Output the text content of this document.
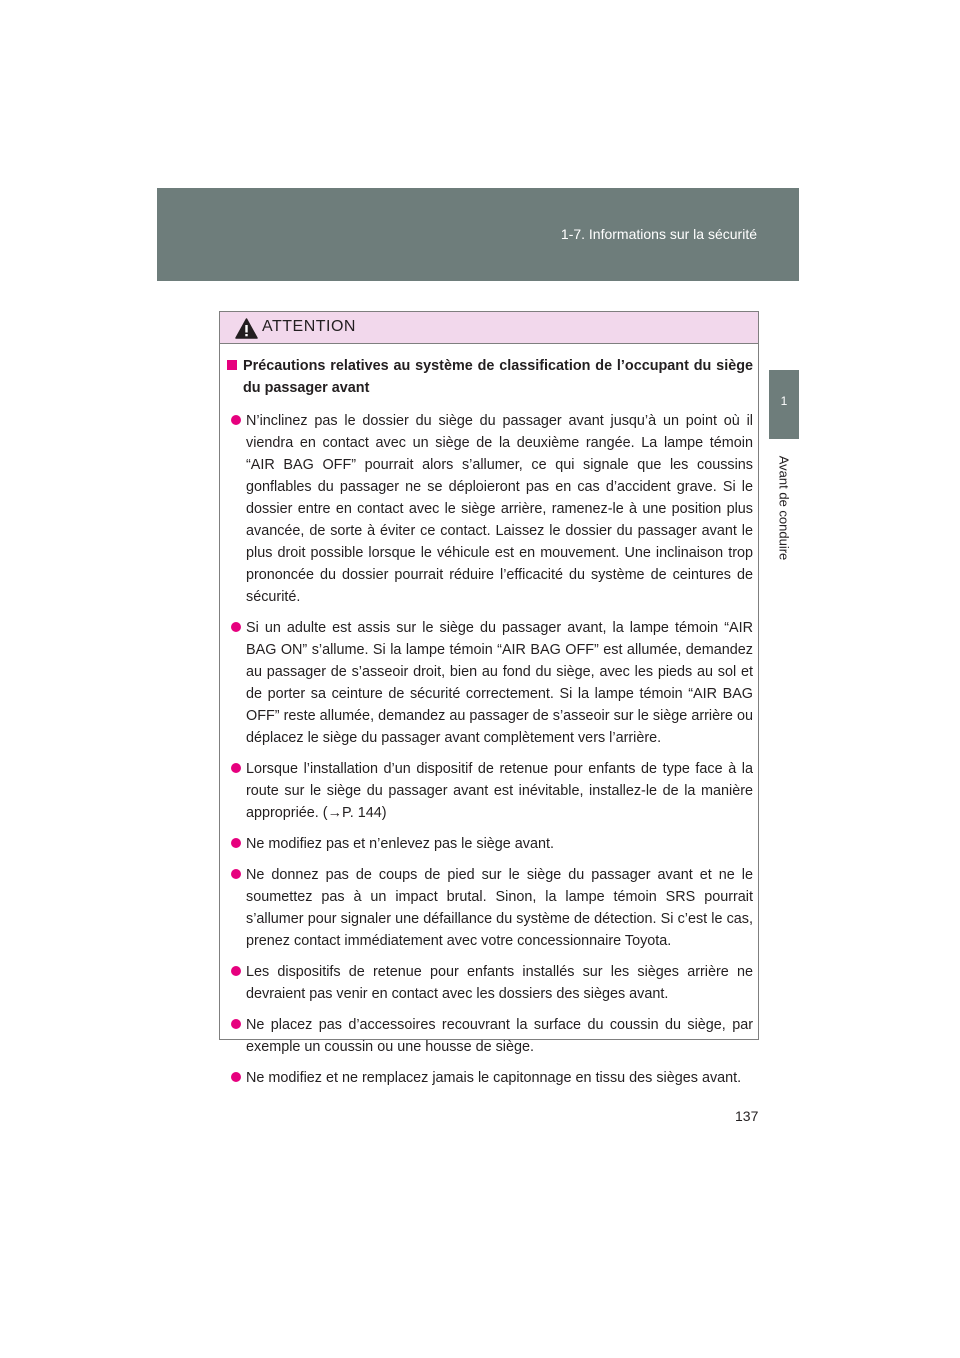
1-7. Informations sur la sécurité
1
Avant de conduire
ATTENTION
Précautions relatives au système de classification de l’occupant du siège du passager avant
N’inclinez pas le dossier du siège du passager avant jusqu’à un point où il viendra en contact avec un siège de la deuxième rangée. La lampe témoin “AIR BAG OFF” pourrait alors s’allumer, ce qui signale que les coussins gonflables du passager ne se déploieront pas en cas d’accident grave. Si le dossier entre en contact avec le siège arrière, ramenez-le à une position plus avancée, de sorte à éviter ce contact. Laissez le dossier du passager avant le plus droit possible lorsque le véhicule est en mouvement. Une inclinaison trop prononcée du dossier pourrait réduire l’efficacité du système de ceintures de sécurité.
Si un adulte est assis sur le siège du passager avant, la lampe témoin “AIR BAG ON” s’allume. Si la lampe témoin “AIR BAG OFF” est allumée, demandez au passager de s’asseoir droit, bien au fond du siège, avec les pieds au sol et de porter sa ceinture de sécurité correctement. Si la lampe témoin “AIR BAG OFF” reste allumée, demandez au passager de s’asseoir sur le siège arrière ou déplacez le siège du passager avant complètement vers l’arrière.
Lorsque l’installation d’un dispositif de retenue pour enfants de type face à la route sur le siège du passager avant est inévitable, installez-le de la manière appropriée. (→P. 144)
Ne modifiez pas et n’enlevez pas le siège avant.
Ne donnez pas de coups de pied sur le siège du passager avant et ne le soumettez pas à un impact brutal. Sinon, la lampe témoin SRS pourrait s’allumer pour signaler une défaillance du système de détection. Si c’est le cas, prenez contact immédiatement avec votre concessionnaire Toyota.
Les dispositifs de retenue pour enfants installés sur les sièges arrière ne devraient pas venir en contact avec les dossiers des sièges avant.
Ne placez pas d’accessoires recouvrant la surface du coussin du siège, par exemple un coussin ou une housse de siège.
Ne modifiez et ne remplacez jamais le capitonnage en tissu des sièges avant.
137
